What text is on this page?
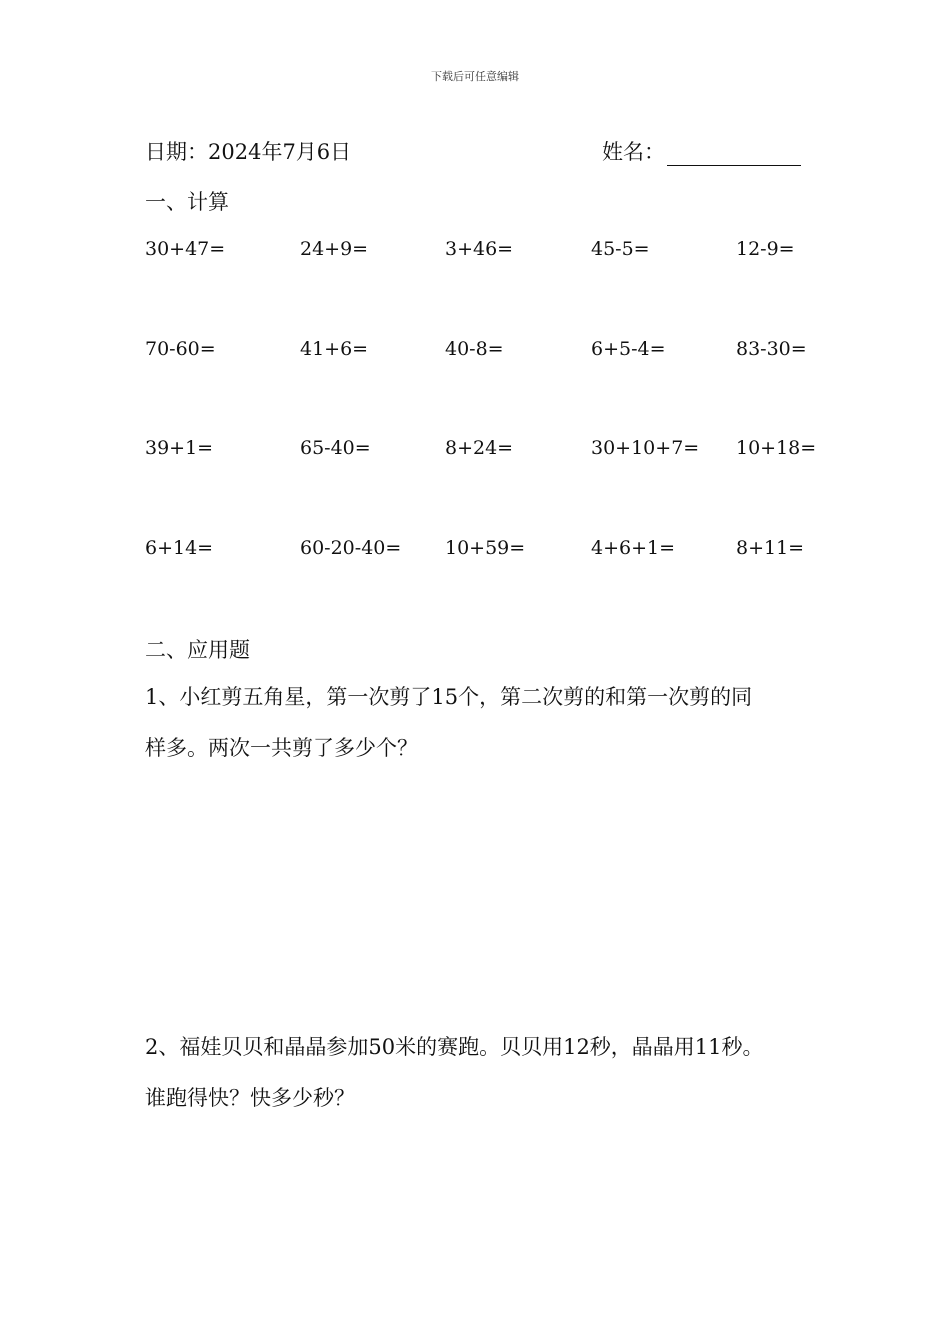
下载后可任意编辑
日期：2024年7月6日	姓名：
一、计算
30+47=	24+9=	3+46=	45-5=	12-9=
70-60=	41+6=	40-8=	6+5-4=	83-30=
39+1=	65-40=	8+24=	30+10+7= 10+18=
6+14=	60-20-40= 10+59=	4+6+1=	8+11=
二、应用题
1、小红剪五角星，第一次剪了15个，第二次剪的和第一次剪的同
样多。两次一共剪了多少个？
2、福娃贝贝和晶晶参加50米的赛跑。贝贝用12秒，晶晶用11秒。
谁跑得快？快多少秒？
